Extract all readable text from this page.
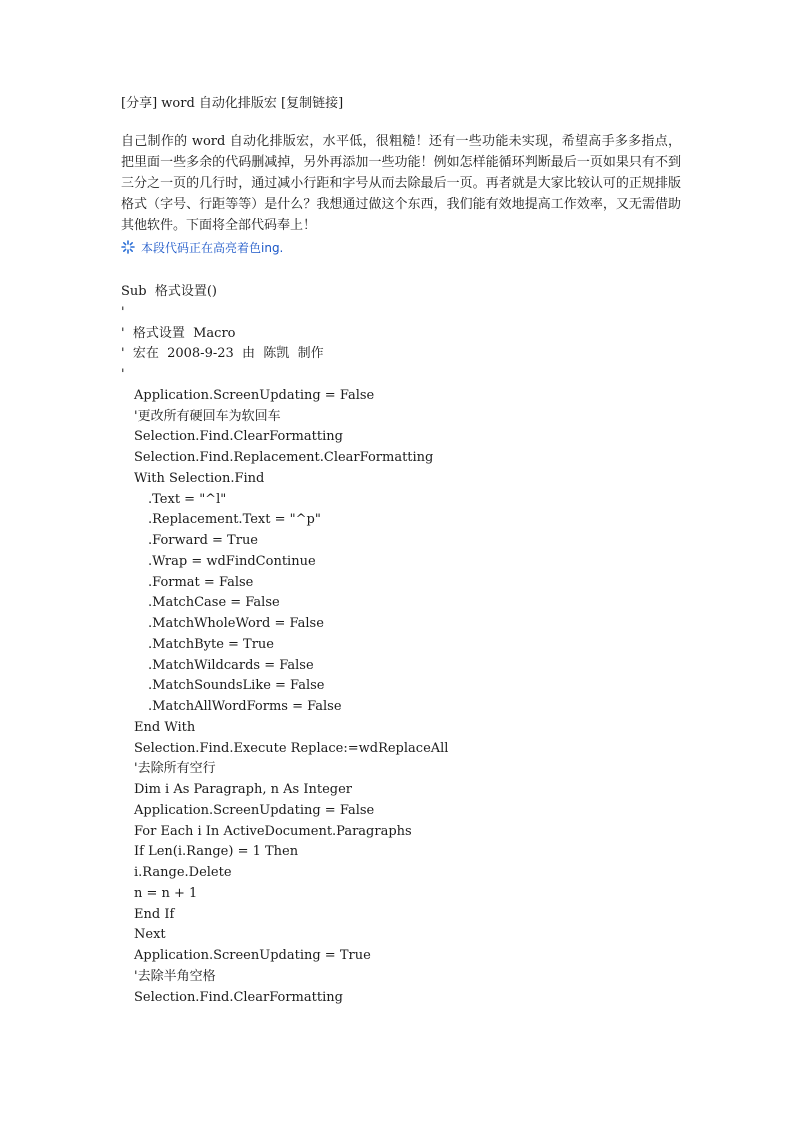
[分享] word 自动化排版宏 [复制链接]
自己制作的 word 自动化排版宏，水平低，很粗糙！还有一些功能未实现，希望高手多多指点，把里面一些多余的代码删减掉，另外再添加一些功能！例如怎样能循环判断最后一页如果只有不到三分之一页的几行时，通过减小行距和字号从而去除最后一页。再者就是大家比较认可的正规排版格式（字号、行距等等）是什么？我想通过做这个东西，我们能有效地提高工作效率，又无需借助其他软件。下面将全部代码奉上！
本段代码正在高亮着色ing.
Sub  格式设置()
'
'  格式设置  Macro
'  宏在  2008-9-23  由  陈凯  制作
'
Application.ScreenUpdating = False
'更改所有硬回车为软回车
Selection.Find.ClearFormatting
Selection.Find.Replacement.ClearFormatting
With Selection.Find
.Text = "^l"
.Replacement.Text = "^p"
.Forward = True
.Wrap = wdFindContinue
.Format = False
.MatchCase = False
.MatchWholeWord = False
.MatchByte = True
.MatchWildcards = False
.MatchSoundsLike = False
.MatchAllWordForms = False
End With
Selection.Find.Execute Replace:=wdReplaceAll
'去除所有空行
Dim i As Paragraph, n As Integer
Application.ScreenUpdating = False
For Each i In ActiveDocument.Paragraphs
If Len(i.Range) = 1 Then
i.Range.Delete
n = n + 1
End If
Next
Application.ScreenUpdating = True
'去除半角空格
Selection.Find.ClearFormatting
